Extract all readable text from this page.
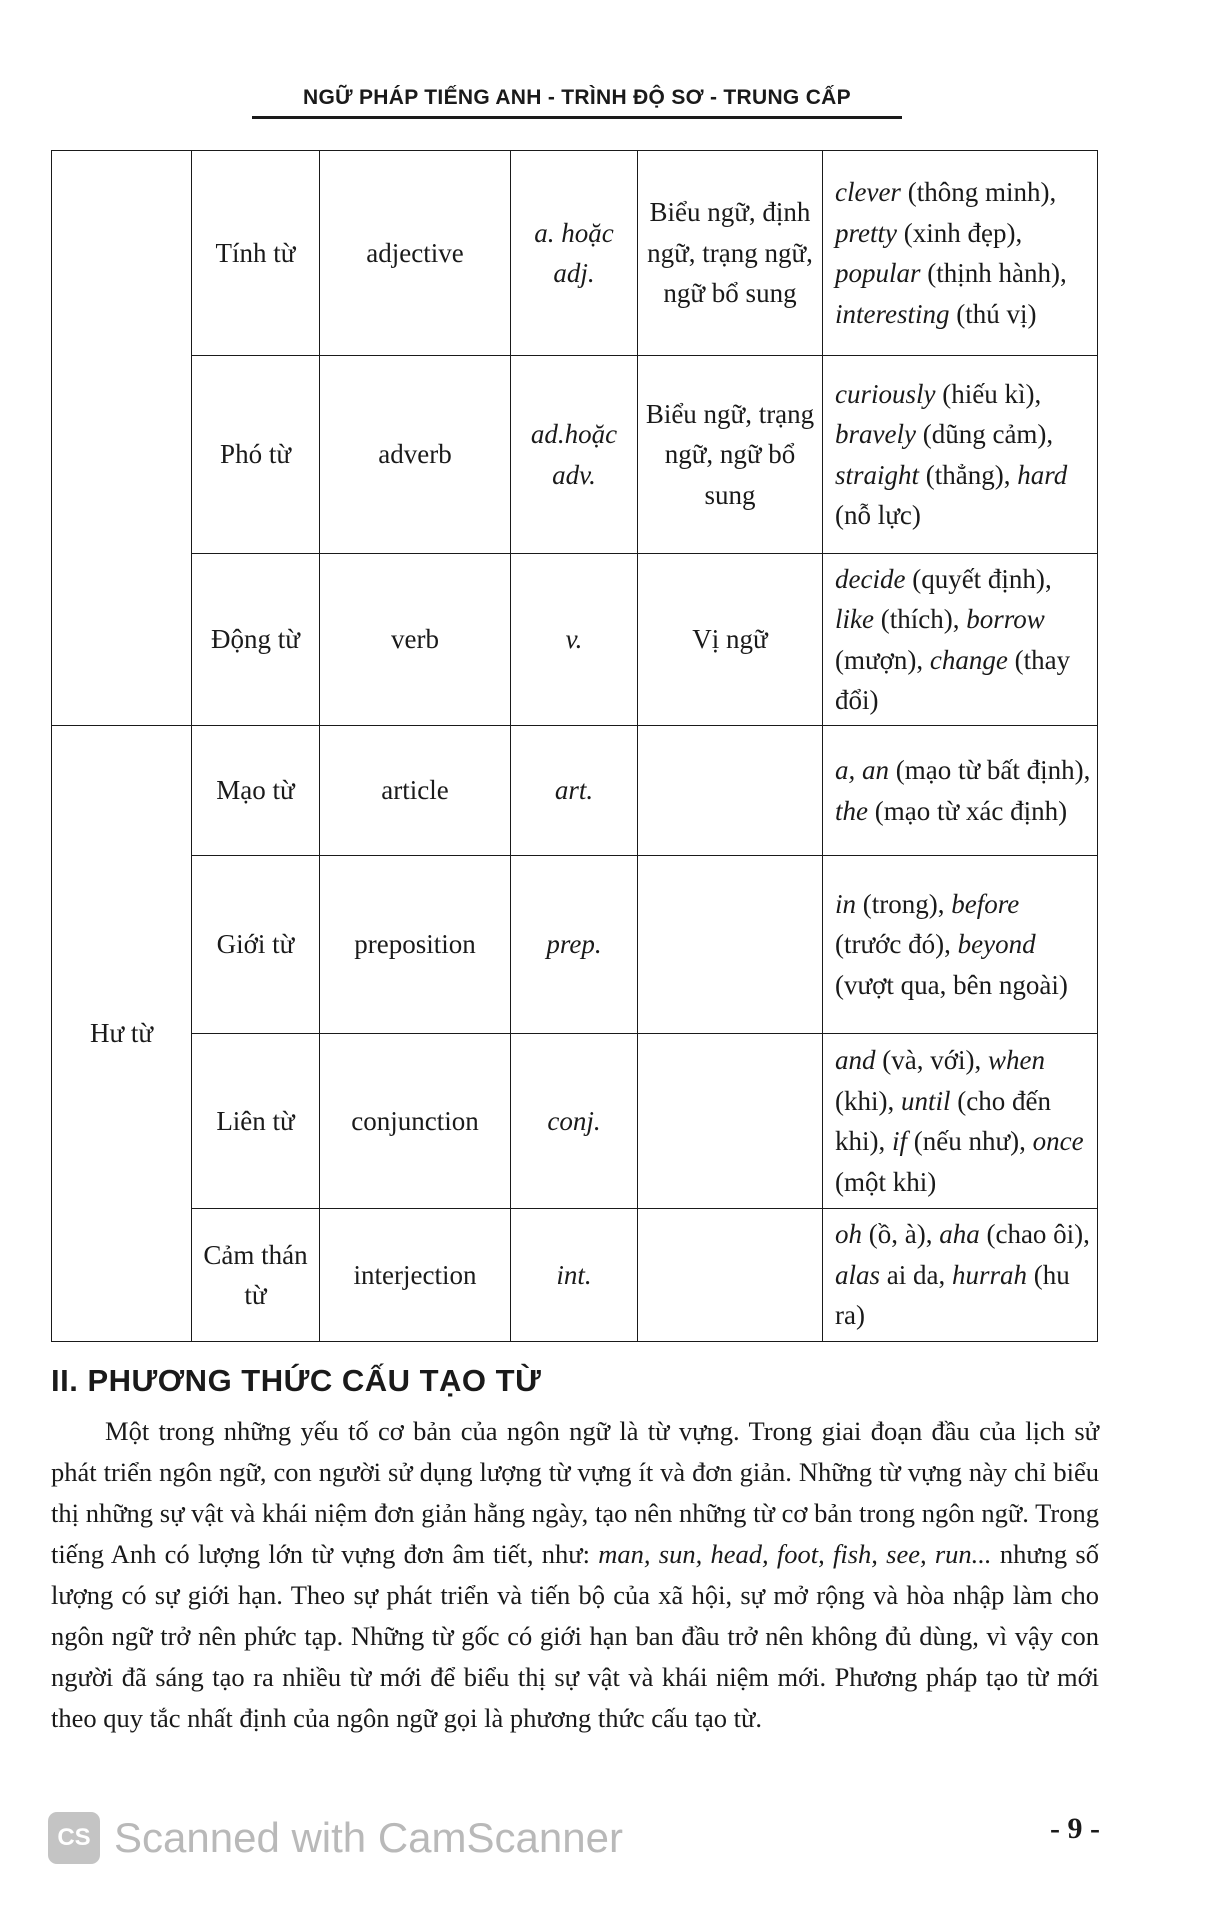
NGỮ PHÁP TIẾNG ANH - TRÌNH ĐỘ SƠ - TRUNG CẤP
	Tính từ	adjective	a. hoặc adj.	Biểu ngữ, định ngữ, trạng ngữ, ngữ bổ sung	clever (thông minh), pretty (xinh đẹp), popular (thịnh hành), interesting (thú vị)
	Phó từ	adverb	ad.hoặc adv.	Biểu ngữ, trạng ngữ, ngữ bổ sung	curiously (hiếu kì), bravely (dũng cảm), straight (thẳng), hard (nỗ lực)
	Động từ	verb	v.	Vị ngữ	decide (quyết định), like (thích), borrow (mượn), change (thay đổi)
Hư từ	Mạo từ	article	art.		a, an (mạo từ bất định), the (mạo từ xác định)
	Giới từ	preposition	prep.		in (trong), before (trước đó), beyond (vượt qua, bên ngoài)
	Liên từ	conjunction	conj.		and (và, với), when (khi), until (cho đến khi), if (nếu như), once (một khi)
	Cảm thán từ	interjection	int.		oh (ồ, à), aha (chao ôi), alas ai da, hurrah (hu ra)
II. PHƯƠNG THỨC CẤU TẠO TỪ

Một trong những yếu tố cơ bản của ngôn ngữ là từ vựng. Trong giai đoạn đầu của lịch sử phát triển ngôn ngữ, con người sử dụng lượng từ vựng ít và đơn giản. Những từ vựng này chỉ biểu thị những sự vật và khái niệm đơn giản hằng ngày, tạo nên những từ cơ bản trong ngôn ngữ. Trong tiếng Anh có lượng lớn từ vựng đơn âm tiết, như: man, sun, head, foot, fish, see, run... nhưng số lượng có sự giới hạn. Theo sự phát triển và tiến bộ của xã hội, sự mở rộng và hòa nhập làm cho ngôn ngữ trở nên phức tạp. Những từ gốc có giới hạn ban đầu trở nên không đủ dùng, vì vậy con người đã sáng tạo ra nhiều từ mới để biểu thị sự vật và khái niệm mới. Phương pháp tạo từ mới theo quy tắc nhất định của ngôn ngữ gọi là phương thức cấu tạo từ.

CS Scanned with CamScanner	- 9 -
